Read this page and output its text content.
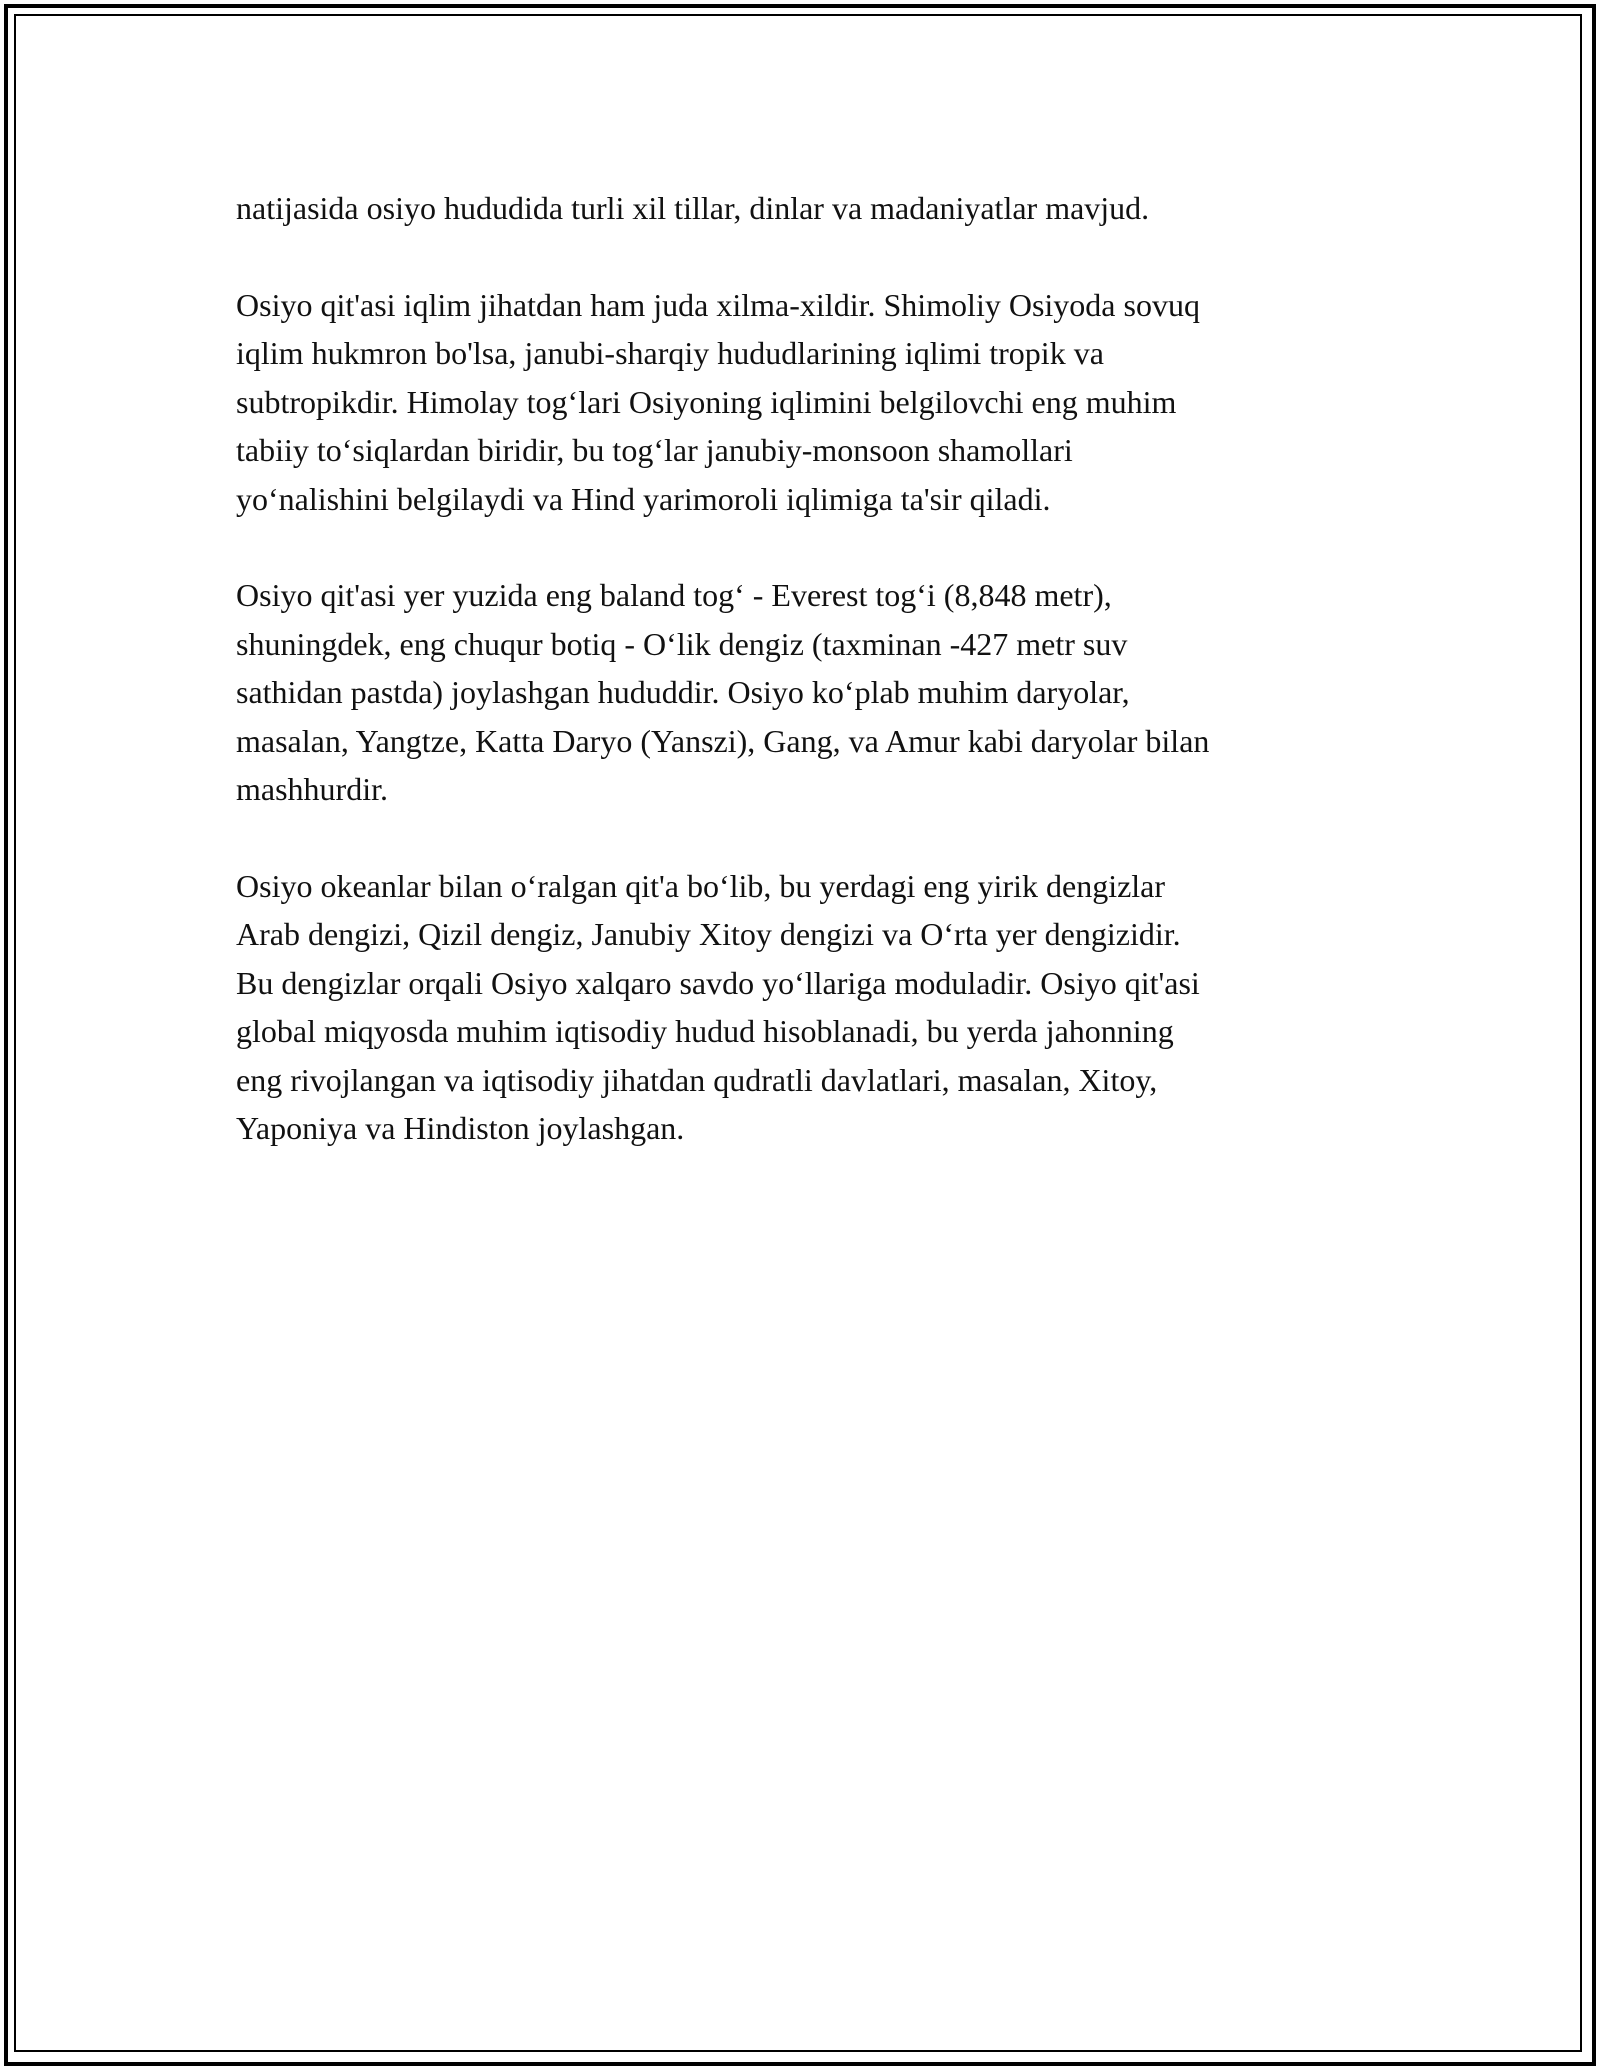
natijasida osiyo hududida turli xil tillar, dinlar va madaniyatlar mavjud.

Osiyo qit'asi iqlim jihatdan ham juda xilma-xildir. Shimoliy Osiyoda sovuq
iqlim hukmron bo'lsa, janubi-sharqiy hududlarining iqlimi tropik va
subtropikdir. Himolay tog‘lari Osiyoning iqlimini belgilovchi eng muhim
tabiiy to‘siqlardan biridir, bu tog‘lar janubiy-monsoon shamollari
yo‘nalishini belgilaydi va Hind yarimoroli iqlimiga ta'sir qiladi.

Osiyo qit'asi yer yuzida eng baland tog‘ - Everest tog‘i (8,848 metr),
shuningdek, eng chuqur botiq - O‘lik dengiz (taxminan -427 metr suv
sathidan pastda) joylashgan hududdir. Osiyo ko‘plab muhim daryolar,
masalan, Yangtze, Katta Daryo (Yanszi), Gang, va Amur kabi daryolar bilan
mashhurdir.

Osiyo okeanlar bilan o‘ralgan qit'a bo‘lib, bu yerdagi eng yirik dengizlar
Arab dengizi, Qizil dengiz, Janubiy Xitoy dengizi va O‘rta yer dengizidir.
Bu dengizlar orqali Osiyo xalqaro savdo yo‘llariga moduladir. Osiyo qit'asi
global miqyosda muhim iqtisodiy hudud hisoblanadi, bu yerda jahonning
eng rivojlangan va iqtisodiy jihatdan qudratli davlatlari, masalan, Xitoy,
Yaponiya va Hindiston joylashgan.
